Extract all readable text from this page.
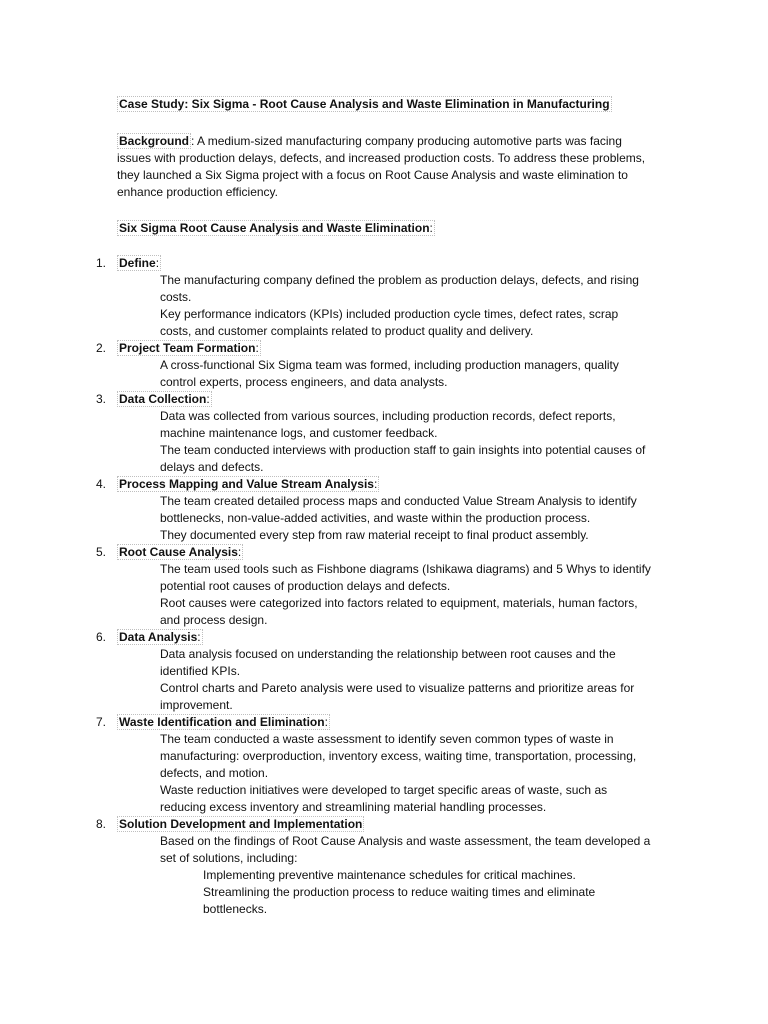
Case Study: Six Sigma - Root Cause Analysis and Waste Elimination in Manufacturing
Background : A medium-sized manufacturing company producing automotive parts was facing issues with production delays, defects, and increased production costs. To address these problems, they launched a Six Sigma project with a focus on Root Cause Analysis and waste elimination to enhance production efficiency.
Six Sigma Root Cause Analysis and Waste Elimination:
1.	Define:
The manufacturing company defined the problem as production delays, defects, and rising costs.
Key performance indicators (KPIs) included production cycle times, defect rates, scrap costs, and customer complaints related to product quality and delivery.
2.	Project Team Formation:
A cross-functional Six Sigma team was formed, including production managers, quality control experts, process engineers, and data analysts.
3.	Data Collection:
Data was collected from various sources, including production records, defect reports, machine maintenance logs, and customer feedback.
The team conducted interviews with production staff to gain insights into potential causes of delays and defects.
4.	Process Mapping and Value Stream Analysis:
The team created detailed process maps and conducted Value Stream Analysis to identify bottlenecks, non-value-added activities, and waste within the production process.
They documented every step from raw material receipt to final product assembly.
5.	Root Cause Analysis:
The team used tools such as Fishbone diagrams (Ishikawa diagrams) and 5 Whys to identify potential root causes of production delays and defects.
Root causes were categorized into factors related to equipment, materials, human factors, and process design.
6.	Data Analysis:
Data analysis focused on understanding the relationship between root causes and the identified KPIs.
Control charts and Pareto analysis were used to visualize patterns and prioritize areas for improvement.
7.	Waste Identification and Elimination:
The team conducted a waste assessment to identify seven common types of waste in manufacturing: overproduction, inventory excess, waiting time, transportation, processing, defects, and motion.
Waste reduction initiatives were developed to target specific areas of waste, such as reducing excess inventory and streamlining material handling processes.
8.	Solution Development and Implementation
Based on the findings of Root Cause Analysis and waste assessment, the team developed a set of solutions, including:
Implementing preventive maintenance schedules for critical machines.
Streamlining the production process to reduce waiting times and eliminate bottlenecks.
